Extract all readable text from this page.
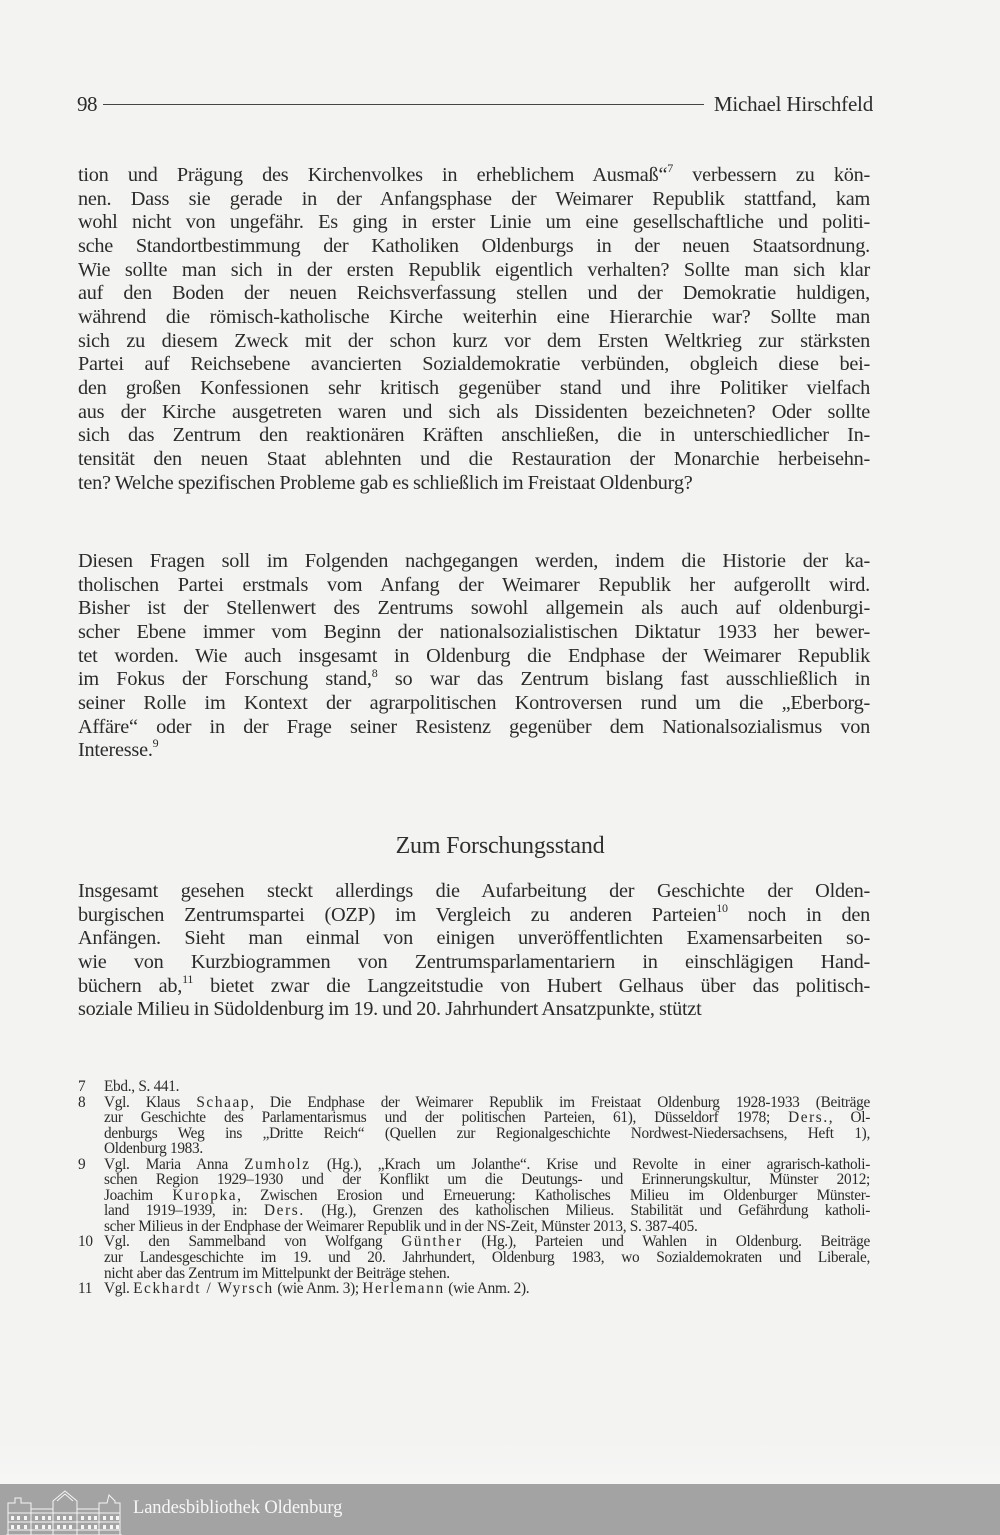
98	Michael Hirschfeld
tion und Prägung des Kirchenvolkes in erheblichem Ausmaß“$^7$ verbessern zu kön-
nen. Dass sie gerade in der Anfangsphase der Weimarer Republik stattfand, kam
wohl nicht von ungefähr. Es ging in erster Linie um eine gesellschaftliche und politi-
sche Standortbestimmung der Katholiken Oldenburgs in der neuen Staatsordnung.
Wie sollte man sich in der ersten Republik eigentlich verhalten? Sollte man sich klar
auf den Boden der neuen Reichsverfassung stellen und der Demokratie huldigen,
während die römisch-katholische Kirche weiterhin eine Hierarchie war? Sollte man
sich zu diesem Zweck mit der schon kurz vor dem Ersten Weltkrieg zur stärksten
Partei auf Reichsebene avancierten Sozialdemokratie verbünden, obgleich diese bei-
den großen Konfessionen sehr kritisch gegenüber stand und ihre Politiker vielfach
aus der Kirche ausgetreten waren und sich als Dissidenten bezeichneten? Oder sollte
sich das Zentrum den reaktionären Kräften anschließen, die in unterschiedlicher In-
tensität den neuen Staat ablehnten und die Restauration der Monarchie herbeisehn-
ten? Welche spezifischen Probleme gab es schließlich im Freistaat Oldenburg?
Diesen Fragen soll im Folgenden nachgegangen werden, indem die Historie der ka-
tholischen Partei erstmals vom Anfang der Weimarer Republik her aufgerollt wird.
Bisher ist der Stellenwert des Zentrums sowohl allgemein als auch auf oldenburgi-
scher Ebene immer vom Beginn der nationalsozialistischen Diktatur 1933 her bewer-
tet worden. Wie auch insgesamt in Oldenburg die Endphase der Weimarer Republik
im Fokus der Forschung stand,$^8$ so war das Zentrum bislang fast ausschließlich in
seiner Rolle im Kontext der agrarpolitischen Kontroversen rund um die „Eberborg-
Affäre“ oder in der Frage seiner Resistenz gegenüber dem Nationalsozialismus von
Interesse.$^9$
Zum Forschungsstand
Insgesamt gesehen steckt allerdings die Aufarbeitung der Geschichte der Olden-
burgischen Zentrumspartei (OZP) im Vergleich zu anderen Parteien$^{10}$ noch in den
Anfängen. Sieht man einmal von einigen unveröffentlichten Examensarbeiten so-
wie von Kurzbiogrammen von Zentrumsparlamentariern in einschlägigen Hand-
büchern ab,$^{11}$ bietet zwar die Langzeitstudie von Hubert Gelhaus über das politisch-
soziale Milieu in Südoldenburg im 19. und 20. Jahrhundert Ansatzpunkte, stützt
7	Ebd., S. 441.
8	Vgl. Klaus Schaap, Die Endphase der Weimarer Republik im Freistaat Oldenburg 1928-1933 (Beiträge
zur Geschichte des Parlamentarismus und der politischen Parteien, 61), Düsseldorf 1978; Ders., Ol-
denburgs Weg ins „Dritte Reich“ (Quellen zur Regionalgeschichte Nordwest-Niedersachsens, Heft 1),
Oldenburg 1983.
9	Vgl. Maria Anna Zumholz (Hg.), „Krach um Jolanthe“. Krise und Revolte in einer agrarisch-katholi-
schen Region 1929–1930 und der Konflikt um die Deutungs- und Erinnerungskultur, Münster 2012;
Joachim Kuropka, Zwischen Erosion und Erneuerung: Katholisches Milieu im Oldenburger Münster-
land 1919–1939, in: Ders. (Hg.), Grenzen des katholischen Milieus. Stabilität und Gefährdung katholi-
scher Milieus in der Endphase der Weimarer Republik und in der NS-Zeit, Münster 2013, S. 387-405.
10 Vgl. den Sammelband von Wolfgang Günther (Hg.), Parteien und Wahlen in Oldenburg. Beiträge
zur Landesgeschichte im 19. und 20. Jahrhundert, Oldenburg 1983, wo Sozialdemokraten und Liberale,
nicht aber das Zentrum im Mittelpunkt der Beiträge stehen.
11 Vgl. Eckhardt / Wyrsch (wie Anm. 3); Herlemann (wie Anm. 2).
Landesbibliothek Oldenburg
